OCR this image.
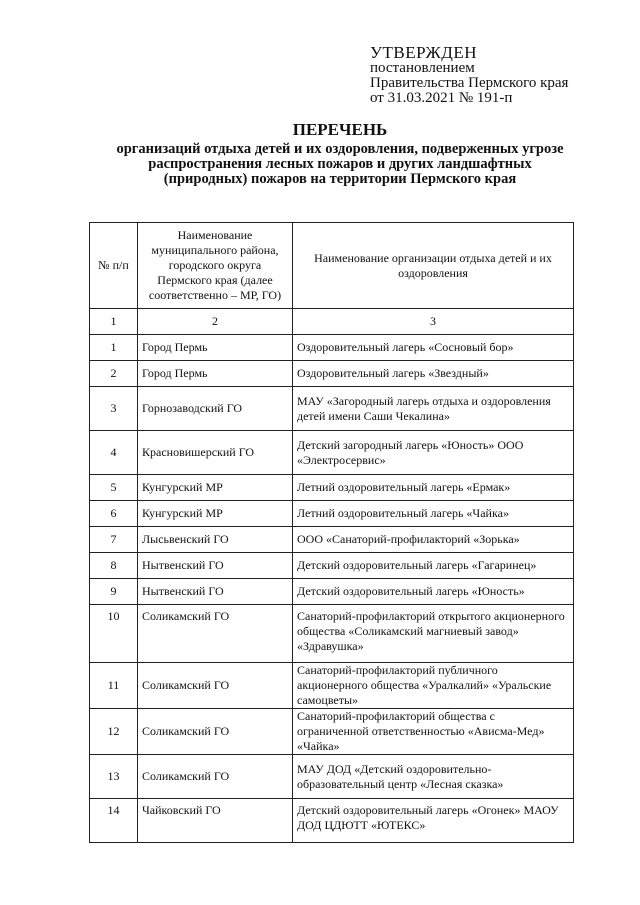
УТВЕРЖДЕН
постановлением
Правительства Пермского края
от 31.03.2021 № 191-п
ПЕРЕЧЕНЬ
организаций отдыха детей и их оздоровления, подверженных угрозе
распространения лесных пожаров и других ландшафтных
(природных) пожаров на территории Пермского края
№ п/п	Наименование муниципального района, городского округа Пермского края (далее соответственно – МР, ГО)	Наименование организации отдыха детей и их оздоровления
1	2	3
1	Город Пермь	Оздоровительный лагерь «Сосновый бор»
2	Город Пермь	Оздоровительный лагерь «Звездный»
3	Горнозаводский ГО	МАУ «Загородный лагерь отдыха и оздоровления детей имени Саши Чекалина»
4	Красновишерский ГО	Детский загородный лагерь «Юность» ООО «Электросервис»
5	Кунгурский МР	Летний оздоровительный лагерь «Ермак»
6	Кунгурский МР	Летний оздоровительный лагерь «Чайка»
7	Лысьвенский ГО	ООО «Санаторий-профилакторий «Зорька»
8	Нытвенский ГО	Детский оздоровительный лагерь «Гагаринец»
9	Нытвенский ГО	Детский оздоровительный лагерь «Юность»
10	Соликамский ГО	Санаторий-профилакторий открытого акционерного общества «Соликамский магниевый завод» «Здравушка»
11	Соликамский ГО	Санаторий-профилакторий публичного акционерного общества «Уралкалий» «Уральские самоцветы»
12	Соликамский ГО	Санаторий-профилакторий общества с ограниченной ответственностью «Ависма-Мед» «Чайка»
13	Соликамский ГО	МАУ ДОД «Детский оздоровительно-образовательный центр «Лесная сказка»
14	Чайковский ГО	Детский оздоровительный лагерь «Огонек» МАОУ ДОД ЦДЮТТ «ЮТЕКС»
